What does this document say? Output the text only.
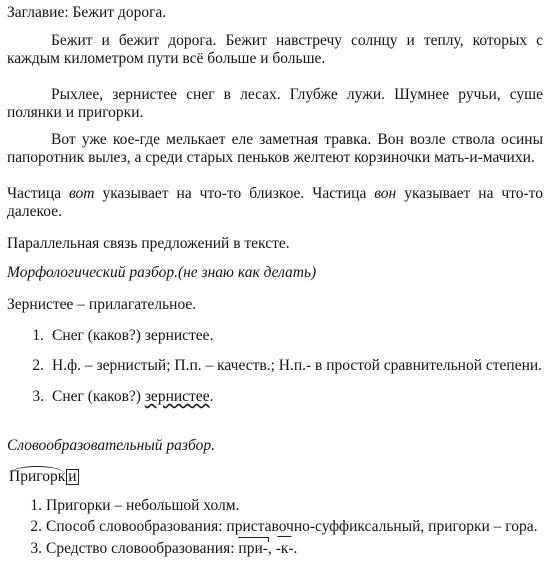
Заглавие: Бежит дорога.
Бежит и бежит дорога. Бежит навстречу солнцу и теплу, которых с каждым километром пути всё больше и больше.
Рыхлее, зернистее снег в лесах. Глубже лужи. Шумнее ручьи, суше полянки и пригорки.
Вот уже кое-где мелькает еле заметная травка. Вон возле ствола осины папоротник вылез, а среди старых пеньков желтеют корзиночки мать-и-мачихи.
Частица вот указывает на что-то близкое. Частица вон указывает на что-то далекое.
Параллельная связь предложений в тексте.
Морфологический разбор.(не знаю как делать)
Зернистее – прилагательное.
1. Снег (каков?) зернистее.
2. Н.ф. – зернистый; П.п. – качеств.; Н.п.- в простой сравнительной степени.
3. Снег (каков?) зернистее.
Словообразовательный разбор.
Пригорк и
1. Пригорки – небольшой холм.
2. Способ словообразования: приставочно-суффиксальный, пригорки – гора.
3. Средство словообразования: при-, -к-.
